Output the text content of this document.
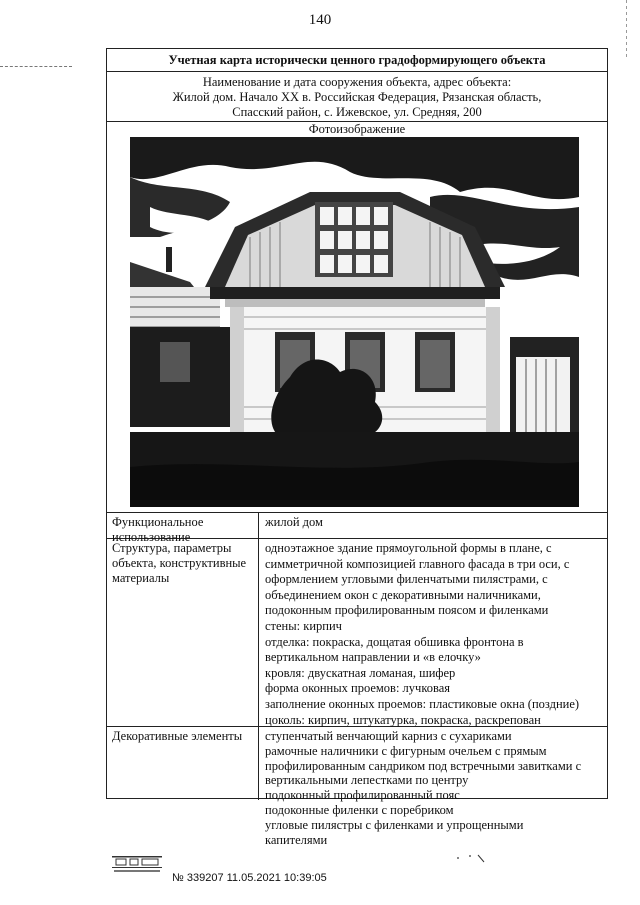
140
Учетная карта исторически ценного градоформирующего объекта
Наименование и дата сооружения объекта, адрес объекта:
Жилой дом. Начало XX в. Российская Федерация, Рязанская область,
Спасский район, с. Ижевское, ул. Средняя, 200
Фотоизображение
Функциональное
использование
жилой дом
Структура, параметры
объекта, конструктивные
материалы
одноэтажное здание прямоугольной формы в плане, с
симметричной композицией главного фасада в три оси, с
оформлением угловыми филенчатыми пилястрами, с
объединением окон с декоративными наличниками,
подоконным профилированным поясом и филенками
стены: кирпич
отделка: покраска, дощатая обшивка фронтона в
вертикальном направлении и «в елочку»
кровля: двускатная ломаная, шифер
форма оконных проемов: лучковая
заполнение оконных проемов: пластиковые окна (поздние)
цоколь: кирпич, штукатурка, покраска, раскрепован
Декоративные элементы	ступенчатый венчающий карниз с сухариками
рамочные наличники с фигурным очельем с прямым
профилированным сандриком под встречными завитками с
вертикальными лепестками по центру
подоконный профилированный пояс
подоконные филенки с поребриком
угловые пилястры с филенками и упрощенными
капителями
№ 339207 11.05.2021 10:39:05
